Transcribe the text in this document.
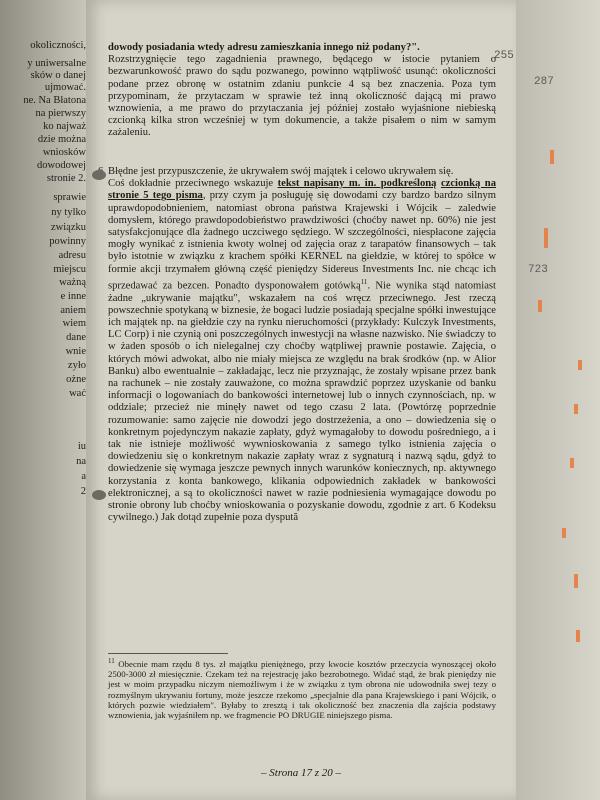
okoliczności,
y uniwersalne
sków o danej
ujmować.
ne. Na Błatona
na pierwszy
ko najważ
dzie można
wniosków
dowodowej
stronie 2.
sprawie
ny tylko
związku
powinny
adresu
miejscu
ważną
e inne
aniem
wiem
dane
wnie
zyło
ożne
wać
iu
na
a
2
255

dowody posiadania wtedy adresu zamieszkania innego niż podany?".

Rozstrzygnięcie tego zagadnienia prawnego, będącego w istocie pytaniem o bezwarunkowość prawo do sądu pozwanego, powinno wątpliwość usunąć: okoliczności podane przez obronę w ostatnim zdaniu punkcie 4 są bez znaczenia. Poza tym przypominam, że przytaczam w sprawie też inną okoliczność dającą mi prawo wznowienia, a me prawo do przytaczania jej później zostało wyjaśnione niebieską czcionką kilka stron wcześniej w tym dokumencie, a także pisałem o nim w samym zażaleniu.

Błędne jest przypuszczenie, że ukrywałem swój majątek i celowo ukrywałem się.

Coś dokładnie przeciwnego wskazuje tekst napisany m. in. podkreśloną czcionką na stronie 5 tego pisma, przy czym ja posługuję się dowodami czy bardzo bardzo silnym uprawdopodobnieniem, natomiast obrona państwa Krajewski i Wójcik – zaledwie domysłem, którego prawdopodobieństwo prawdziwości (choćby nawet np. 60%) nie jest satysfakcjonujące dla żadnego uczciwego sędziego. W szczególności, niespłacone zajęcia mogły wynikać z istnienia kwoty wolnej od zajęcia oraz z tarapatów finansowych – tak było istotnie w związku z krachem spółki KERNEL na giełdzie, w której to spółce w formie akcji trzymałem główną część pieniędzy Sidereus Investments Inc. nie chcąc ich sprzedawać za bezcen. Ponadto dysponowałem gotówką$^{11}$. Nie wynika stąd natomiast żadne „ukrywanie majątku", wskazałem na coś wręcz przeciwnego. Jest rzeczą powszechnie spotykaną w biznesie, że bogaci ludzie posiadają specjalne spółki inwestujące ich majątek np. na giełdzie czy na rynku nieruchomości (przykłady: Kulczyk Investments, LC Corp) i nie czynią oni poszczególnych inwestycji na własne nazwisko. Nie świadczy to w żaden sposób o ich nielegalnej czy choćby wątpliwej prawnie postawie. Zajęcia, o których mówi adwokat, albo nie miały miejsca ze względu na brak środków (np. w Alior Banku) albo ewentualnie – zakładając, lecz nie przyznając, że zostały wpisane przez bank na rachunek – nie zostały zauważone, co można sprawdzić poprzez uzyskanie od banku informacji o logowaniach do bankowości internetowej lub o innych czynnościach, np. w oddziale; przecież nie minęły nawet od tego czasu 2 lata. (Powtórzę poprzednie rozumowanie: samo zajęcie nie dowodzi jego dostrzeżenia, a ono – dowiedzenia się o konkretnym pojedynczym nakazie zapłaty, gdyż wymagałoby to dowodu pośredniego, a i tak nie istnieje możliwość wywnioskowania z samego tylko istnienia zajęcia o dowiedzeniu się o konkretnym nakazie zapłaty wraz z sygnaturą i nazwą sądu, gdyż to dowiedzenie się wymaga jeszcze pewnych innych warunków koniecznych, np. aktywnego korzystania z konta bankowego, klikania odpowiednich zakładek w bankowości elektronicznej, a są to okoliczności nawet w razie podniesienia wymagające dowodu po stronie obrony lub choćby wnioskowania o pozyskanie dowodu, zgodnie z art. 6 Kodeksu cywilnego.) Jak dotąd zupełnie poza dyspută

$^{11}$ Obecnie mam rzędu 8 tys. zł majątku pieniężnego, przy kwocie kosztów przeczycia wynoszącej około 2500-3000 zł miesięcznie. Czekam też na rejestrację jako bezrobotnego. Widać stąd, że brak pieniędzy nie jest w moim przypadku niczym niemożliwym i że w związku z tym obrona nie udowodniła swej tezy o rozmyślnym ukrywaniu fortuny, może jeszcze rzekomo „specjalnie dla pana Krajewskiego i pani Wójcik, o których pozwie wiedziałem". Byłaby to zresztą i tak okoliczność bez znaczenia dla zajścia podstawy wznowienia, jak wyjaśniłem np. we fragmencie PO DRUGIE niniejszego pisma.

– Strona 17 z 20 –
287
723
